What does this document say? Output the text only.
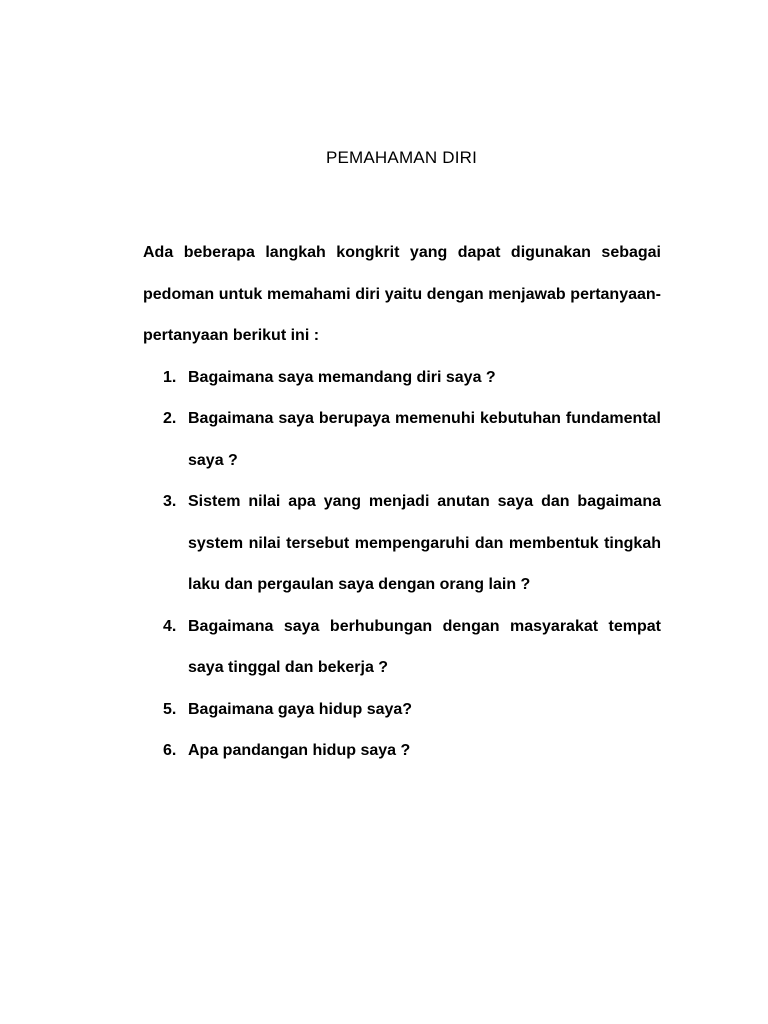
PEMAHAMAN DIRI

Ada beberapa langkah kongkrit yang dapat digunakan sebagai pedoman untuk memahami diri yaitu dengan menjawab pertanyaan-pertanyaan berikut ini :

1. Bagaimana saya memandang diri saya ?
2. Bagaimana saya berupaya memenuhi kebutuhan fundamental saya ?
3. Sistem nilai apa yang menjadi anutan saya dan bagaimana system nilai tersebut mempengaruhi dan membentuk tingkah laku dan pergaulan saya dengan orang lain ?
4. Bagaimana saya berhubungan dengan masyarakat tempat saya tinggal dan bekerja ?
5. Bagaimana gaya hidup saya?
6. Apa pandangan hidup saya ?
